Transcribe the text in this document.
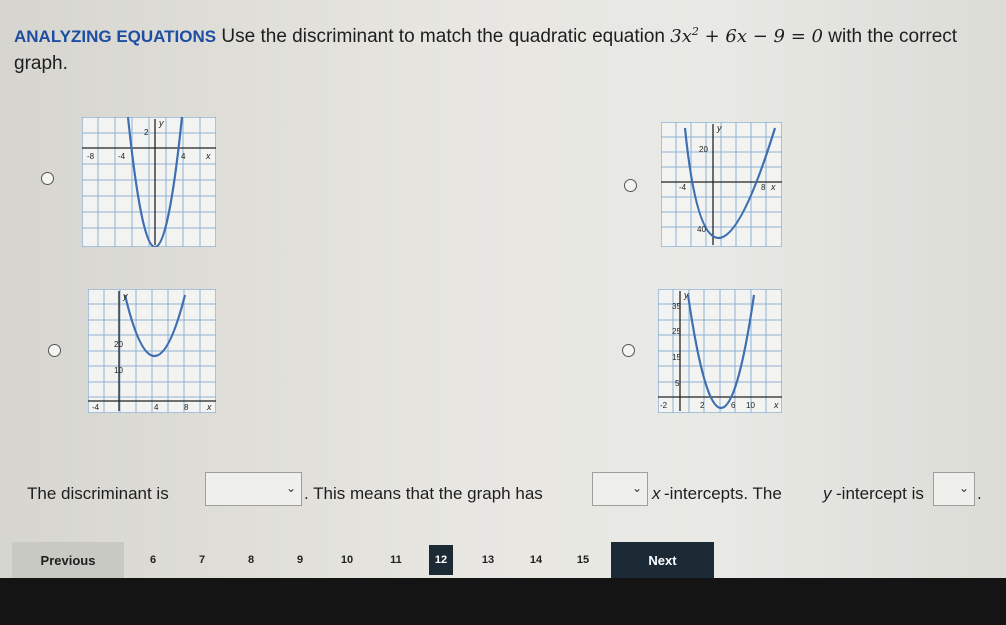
ANALYZING EQUATIONS Use the discriminant to match the quadratic equation $3x^2 + 6x - 9 = 0$ with the correct graph.
y
2
-8	-4	4 x
y
20
-4	8 x
40
y
20
10
-4	4	8 x
y
35
25
15
5
-2	2	6 10 x
The discriminant is	⌄ . This means that the graph has	⌄ x -intercepts. The y -intercept is	⌄ .
Previous	6	7	8	9	10	11	12	13	14	15	Next
